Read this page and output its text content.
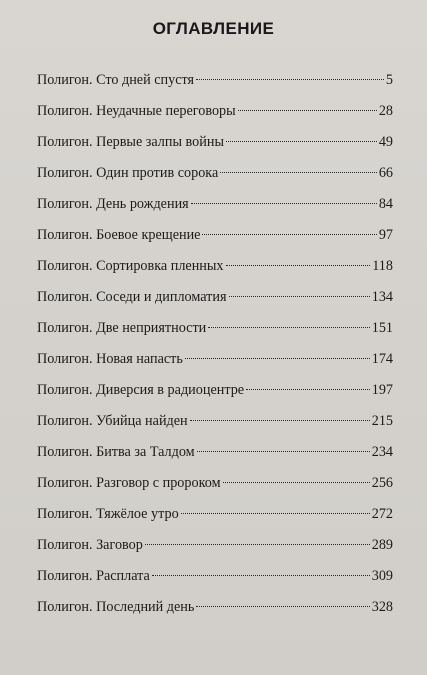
ОГЛАВЛЕНИЕ
Полигон. Сто дней спустя	5
Полигон. Неудачные переговоры	28
Полигон. Первые залпы войны	49
Полигон. Один против сорока	66
Полигон. День рождения	84
Полигон. Боевое крещение	97
Полигон. Сортировка пленных	118
Полигон. Соседи и дипломатия	134
Полигон. Две неприятности	151
Полигон. Новая напасть	174
Полигон. Диверсия в радиоцентре	197
Полигон. Убийца найден	215
Полигон. Битва за Талдом	234
Полигон. Разговор с пророком	256
Полигон. Тяжёлое утро	272
Полигон. Заговор	289
Полигон. Расплата	309
Полигон. Последний день	328
